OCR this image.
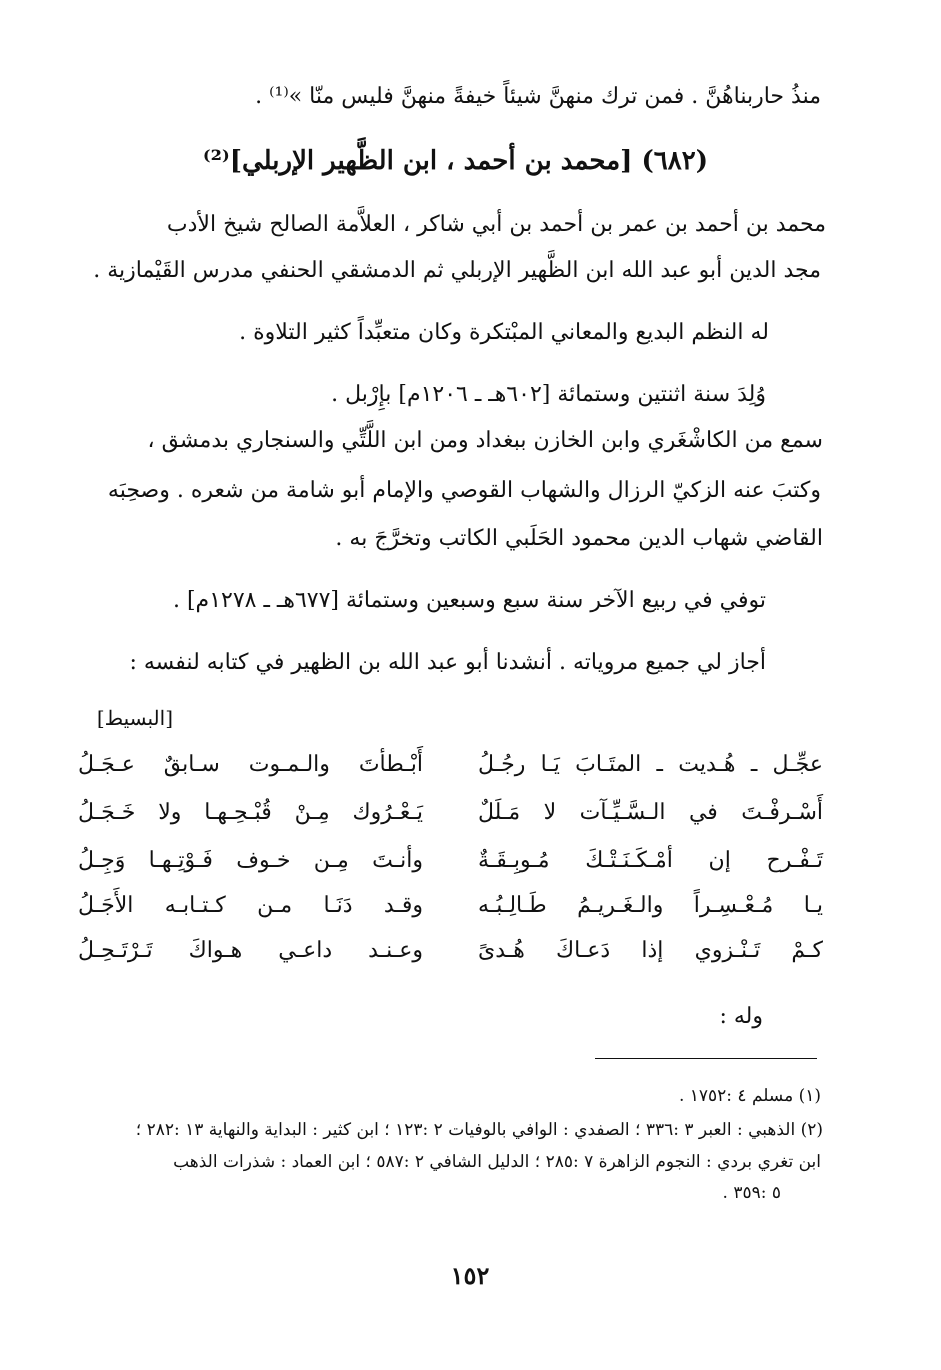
منذُ حاربناهُنَّ . فمن ترك منهنَّ شيئاً خيفةً منهنَّ فليس منّا »⁽¹⁾ .
(٦٨٢) [محمد بن أحمد ، ابن الظَّهير الإربلي]⁽²⁾
محمد بن أحمد بن عمر بن أحمد بن أبي شاكر ، العلاَّمة الصالح شيخ الأدب
مجد الدين أبو عبد الله ابن الظَّهير الإربلي ثم الدمشقي الحنفي مدرس القَيْمازية .
له النظم البديع والمعاني المبْتكرة وكان متعبِّداً كثير التلاوة .
وُلِدَ سنة اثنتين وستمائة [٦٠٢هـ ـ ١٢٠٦م] بإِرْبل .
سمع من الكاشْغَري وابن الخازن ببغداد ومن ابن اللَّتِّي والسنجاري بدمشق ،
وكتبَ عنه الزكيّ الرزال والشهاب القوصي والإمام أبو شامة من شعره . وصحِبَه
القاضي شهاب الدين محمود الحَلَبي الكاتب وتخرَّجَ به .
توفي في ربيع الآخر سنة سبع وسبعين وستمائة [٦٧٧هـ ـ ١٢٧٨م] .
أجاز لي جميع مروياته . أنشدنا أبو عبد الله بن الظهير في كتابه لنفسه :
[البسيط]
عجِّـل ـ هُـديت ـ المتَـابَ يَـا رجُـلُ
أَبْـطأتَ والـمـوت سـابقٌ عـجَـلُ
أَسْـرفْـتَ في الـسَّـيِّـآت لا مَـلَلٌ
يَـعْـرُوك مِـنْ قُبْـحِـهـا ولا خَـجَـلُ
تَـفْـرح إن أمْـكَـنَـتْـكَ مُـوبِـقَـةٌ
وأنـتَ مِـن خـوف فَـوْتِـهـا وَجِـلُ
يـا مُـعْـسِـراً والـغَـريـمُ طَـالِـبُـه
وقـد دَنَـا مـن كـتـابـه الأَجَـلُ
كـمْ تَـنْـزوي إذا دَعـاكَ هُـدىً
وعـنـد داعـي هـواكَ تَـرْتَـحِـلُ
وله :
(١) مسلم ٤ :١٧٥٢ .
(٢) الذهبي : العبر ٣ :٣٣٦ ؛ الصفدي : الوافي بالوفيات ٢ :١٢٣ ؛ ابن كثير : البداية والنهاية ١٣ :٢٨٢ ؛
ابن تغري بردي : النجوم الزاهرة ٧ :٢٨٥ ؛ الدليل الشافي ٢ :٥٨٧ ؛ ابن العماد : شذرات الذهب
٥ :٣٥٩ .
١٥٢
